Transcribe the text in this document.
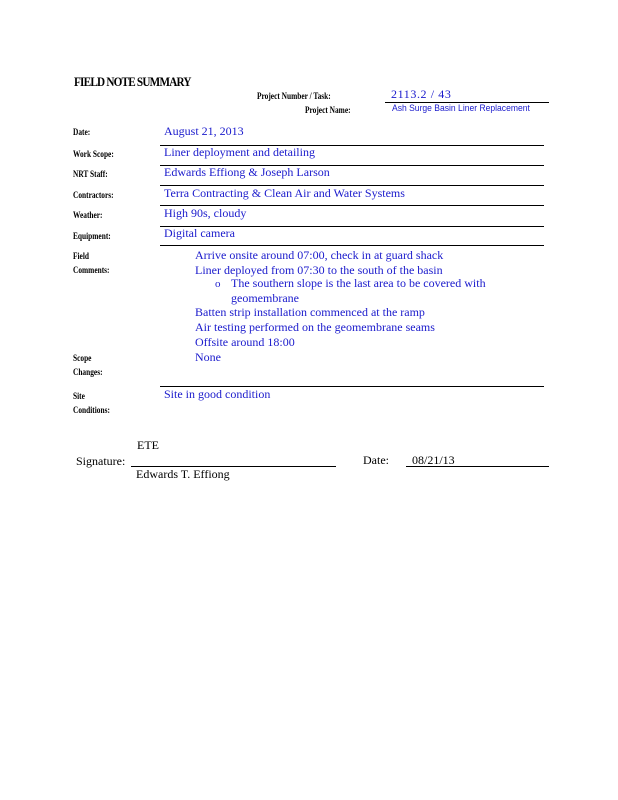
FIELD NOTE SUMMARY
Project Number / Task:	2113.2 / 43
Project Name:	Ash Surge Basin Liner Replacement
Date:	August 21, 2013
Work Scope:	Liner deployment and detailing
NRT Staff:	Edwards Effiong & Joseph Larson
Contractors:	Terra Contracting & Clean Air and Water Systems
Weather:	High 90s, cloudy
Equipment:	Digital camera
Field
Comments:
Arrive onsite around 07:00, check in at guard shack
Liner deployed from 07:30 to the south of the basin
o The southern slope is the last area to be covered with
geomembrane
Batten strip installation commenced at the ramp
Air testing performed on the geomembrane seams
Offsite around 18:00
Scope
Changes:
None
Site
Conditions:
Site in good condition
ETE
Signature:
Edwards T. Effiong
Date: 08/21/13
